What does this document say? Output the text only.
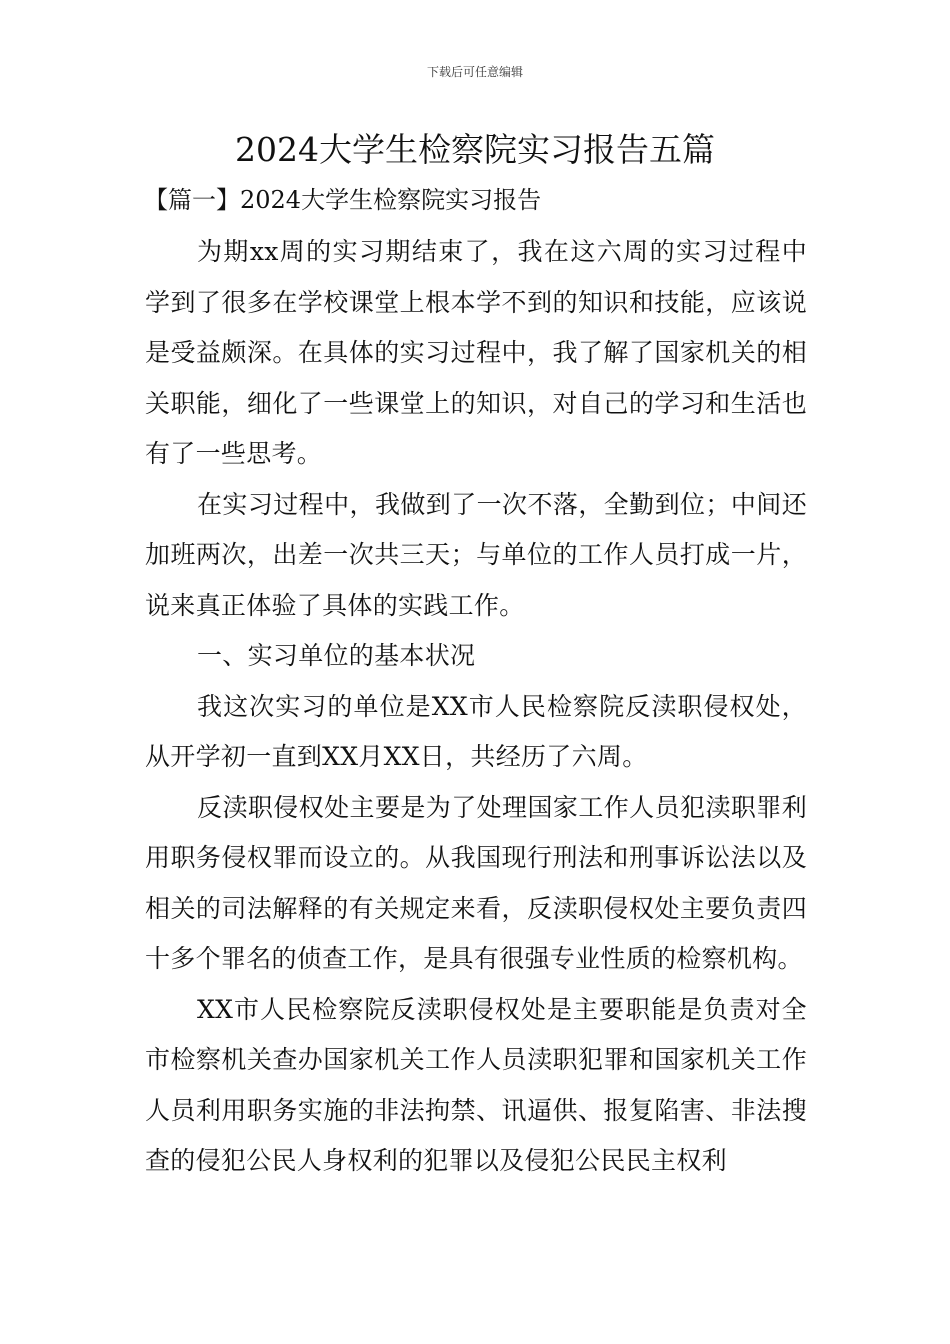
下载后可任意编辑
2024大学生检察院实习报告五篇
【篇一】2024大学生检察院实习报告

为期xx周的实习期结束了，我在这六周的实习过程中学到了很多在学校课堂上根本学不到的知识和技能，应该说是受益颇深。在具体的实习过程中，我了解了国家机关的相关职能，细化了一些课堂上的知识，对自己的学习和生活也有了一些思考。

在实习过程中，我做到了一次不落，全勤到位；中间还加班两次，出差一次共三天；与单位的工作人员打成一片，说来真正体验了具体的实践工作。

一、实习单位的基本状况

我这次实习的单位是XX市人民检察院反渎职侵权处，从开学初一直到XX月XX日，共经历了六周。

反渎职侵权处主要是为了处理国家工作人员犯渎职罪利用职务侵权罪而设立的。从我国现行刑法和刑事诉讼法以及相关的司法解释的有关规定来看，反渎职侵权处主要负责四十多个罪名的侦查工作，是具有很强专业性质的检察机构。

XX市人民检察院反渎职侵权处是主要职能是负责对全市检察机关查办国家机关工作人员渎职犯罪和国家机关工作人员利用职务实施的非法拘禁、讯逼供、报复陷害、非法搜查的侵犯公民人身权利的犯罪以及侵犯公民民主权利
